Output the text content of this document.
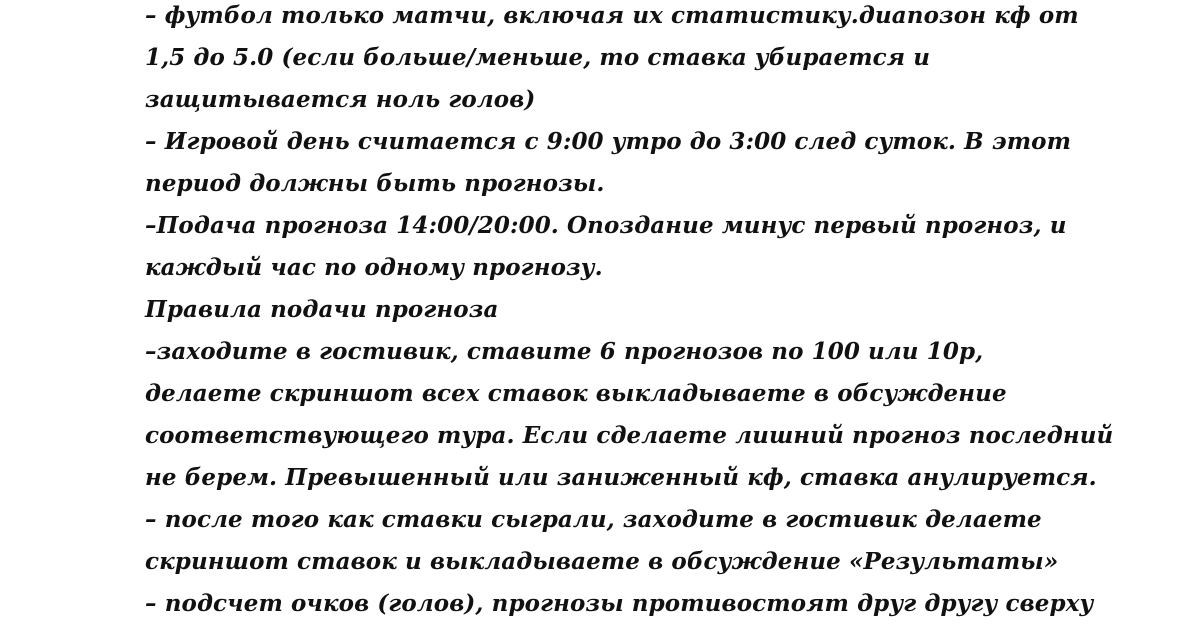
– футбол только матчи, включая их статистику.диапозон кф от
1,5 до 5.0 (если больше/меньше, то ставка убирается и
защитывается ноль голов)
– Игровой день считается с 9:00 утро до 3:00 след суток. В этот
период должны быть прогнозы.
–Подача прогноза 14:00/20:00. Опоздание минус первый прогноз, и
каждый час по одному прогнозу.
Правила подачи прогноза
–заходите в гостивик, ставите 6 прогнозов по 100 или 10р,
делаете скриншот всех ставок выкладываете в обсуждение
соответствующего тура. Если сделаете лишний прогноз последний
не берем. Превышенный или заниженный кф, ставка анулируется.
– после того как ставки сыграли, заходите в гостивик делаете
скриншот ставок и выкладываете в обсуждение «Результаты»
– подсчет очков (голов), прогнозы противостоят друг другу сверху
